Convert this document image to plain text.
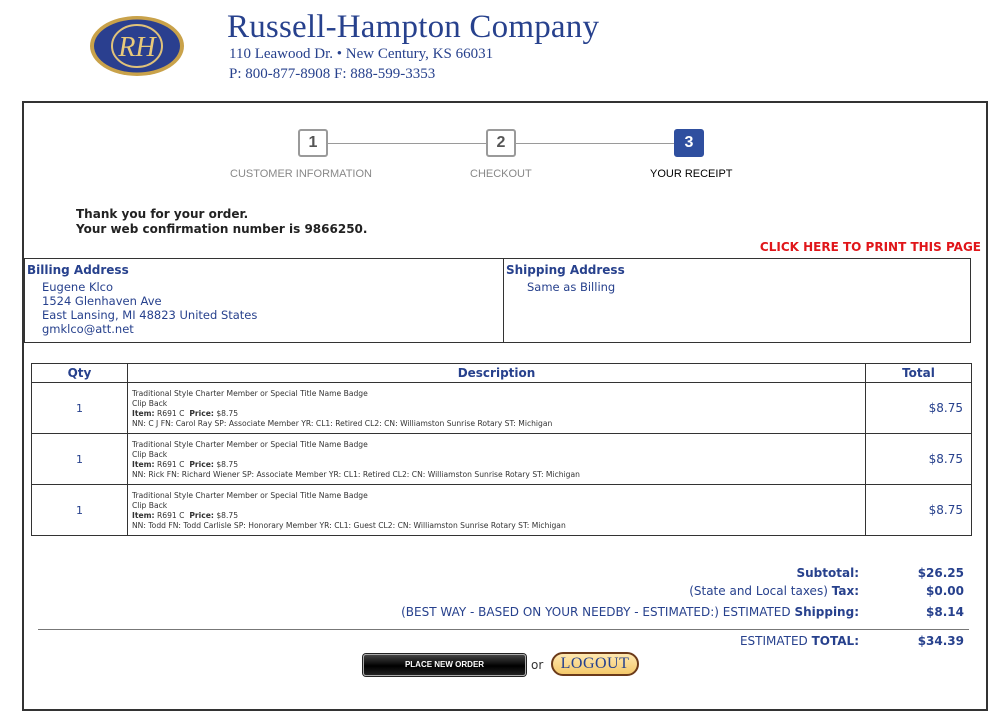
RH
Russell-Hampton Company
110 Leawood Dr. • New Century, KS 66031
P: 800-877-8908 F: 888-599-3353
1	2	3
CUSTOMER INFORMATION	CHECKOUT	YOUR RECEIPT
Thank you for your order.
Your web confirmation number is 9866250.
CLICK HERE TO PRINT THIS PAGE
Billing Address
Eugene Klco
1524 Glenhaven Ave
East Lansing, MI 48823 United States
gmklco@att.net
Shipping Address
Same as Billing
Qty	Description	Total
1	Traditional Style Charter Member or Special Title Name Badge
Clip Back
Item: R691 C Price: $8.75
NN: C J FN: Carol Ray SP: Associate Member YR: CL1: Retired CL2: CN: Williamston Sunrise Rotary ST: Michigan	$8.75
1	Traditional Style Charter Member or Special Title Name Badge
Clip Back
Item: R691 C Price: $8.75
NN: Rick FN: Richard Wiener SP: Associate Member YR: CL1: Retired CL2: CN: Williamston Sunrise Rotary ST: Michigan	$8.75
1	Traditional Style Charter Member or Special Title Name Badge
Clip Back
Item: R691 C Price: $8.75
NN: Todd FN: Todd Carlisle SP: Honorary Member YR: CL1: Guest CL2: CN: Williamston Sunrise Rotary ST: Michigan	$8.75
Subtotal:	$26.25
(State and Local taxes) Tax:	$0.00
(BEST WAY - BASED ON YOUR NEEDBY - ESTIMATED:) ESTIMATED Shipping:	$8.14
ESTIMATED TOTAL:	$34.39
PLACE NEW ORDER	or	LOGOUT
